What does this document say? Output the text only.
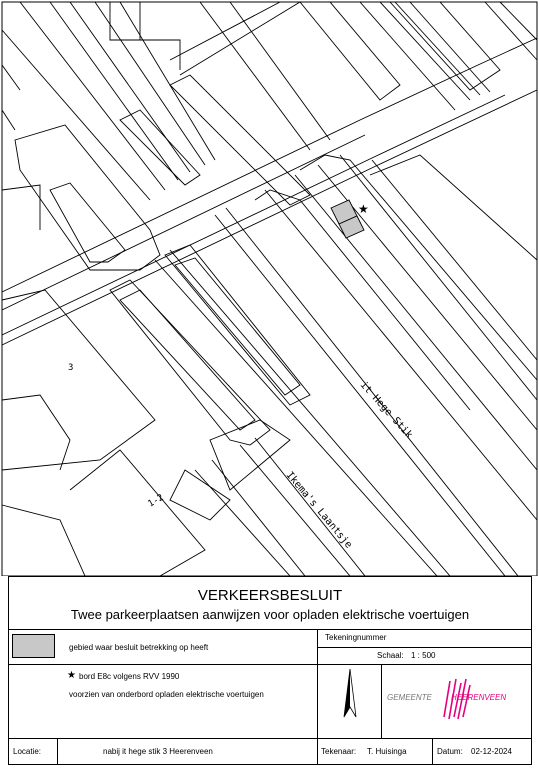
★
it Hege Stik
Ikema's Laantsje
3
1-2
VERKEERSBESLUIT
Twee parkeerplaatsen aanwijzen voor opladen elektrische voertuigen
gebied waar besluit betrekking op heeft
Tekeningnummer
Schaal: 1 : 500
★ bord E8c volgens RVV 1990
voorzien van onderbord opladen elektrische voertuigen	GEMEENTE HEERENVEEN
Locatie:	nabij it hege stik 3 Heerenveen	Tekenaar: T. Huisinga	Datum: 02-12-2024
